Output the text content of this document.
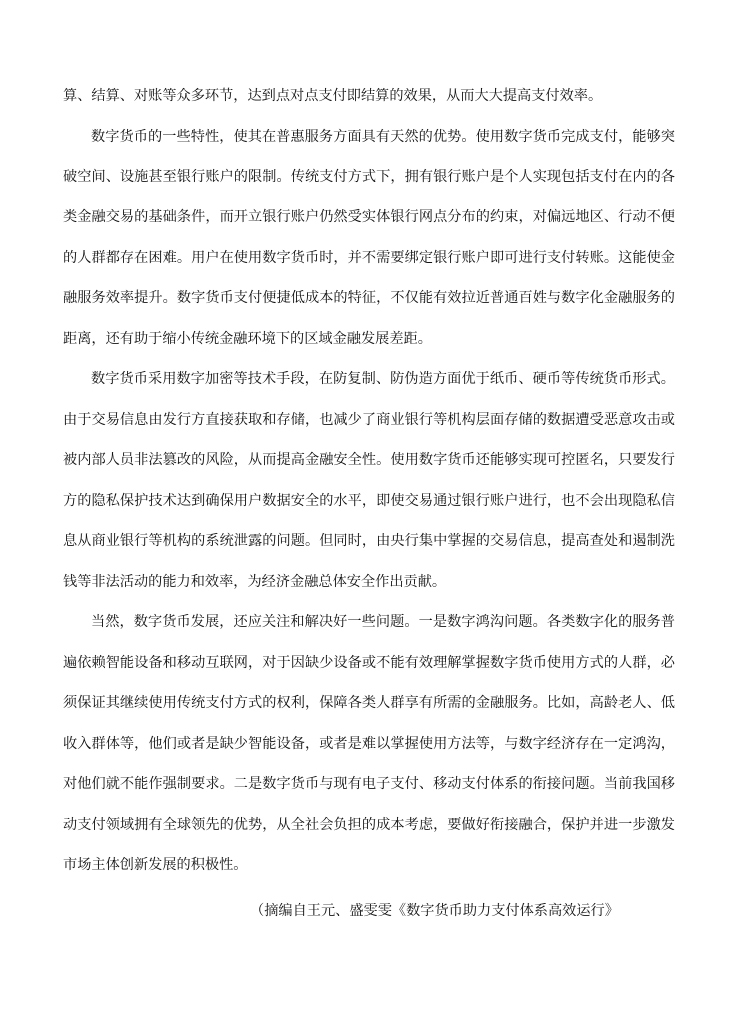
算、结算、对账等众多环节，达到点对点支付即结算的效果，从而大大提高支付效率。
数字货币的一些特性，使其在普惠服务方面具有天然的优势。使用数字货币完成支付，能够突
破空间、设施甚至银行账户的限制。传统支付方式下，拥有银行账户是个人实现包括支付在内的各
类金融交易的基础条件，而开立银行账户仍然受实体银行网点分布的约束，对偏远地区、行动不便
的人群都存在困难。用户在使用数字货币时，并不需要绑定银行账户即可进行支付转账。这能使金
融服务效率提升。数字货币支付便捷低成本的特征，不仅能有效拉近普通百姓与数字化金融服务的
距离，还有助于缩小传统金融环境下的区域金融发展差距。
数字货币采用数字加密等技术手段，在防复制、防伪造方面优于纸币、硬币等传统货币形式。
由于交易信息由发行方直接获取和存储，也减少了商业银行等机构层面存储的数据遭受恶意攻击或
被内部人员非法篡改的风险，从而提高金融安全性。使用数字货币还能够实现可控匿名，只要发行
方的隐私保护技术达到确保用户数据安全的水平，即使交易通过银行账户进行，也不会出现隐私信
息从商业银行等机构的系统泄露的问题。但同时，由央行集中掌握的交易信息，提高查处和遏制洗
钱等非法活动的能力和效率，为经济金融总体安全作出贡献。
当然，数字货币发展，还应关注和解决好一些问题。一是数字鸿沟问题。各类数字化的服务普
遍依赖智能设备和移动互联网，对于因缺少设备或不能有效理解掌握数字货币使用方式的人群，必
须保证其继续使用传统支付方式的权利，保障各类人群享有所需的金融服务。比如，高龄老人、低
收入群体等，他们或者是缺少智能设备，或者是难以掌握使用方法等，与数字经济存在一定鸿沟，
对他们就不能作强制要求。二是数字货币与现有电子支付、移动支付体系的衔接问题。当前我国移
动支付领域拥有全球领先的优势，从全社会负担的成本考虑，要做好衔接融合，保护并进一步激发
市场主体创新发展的积极性。
（摘编自王元、盛雯雯《数字货币助力支付体系高效运行》
